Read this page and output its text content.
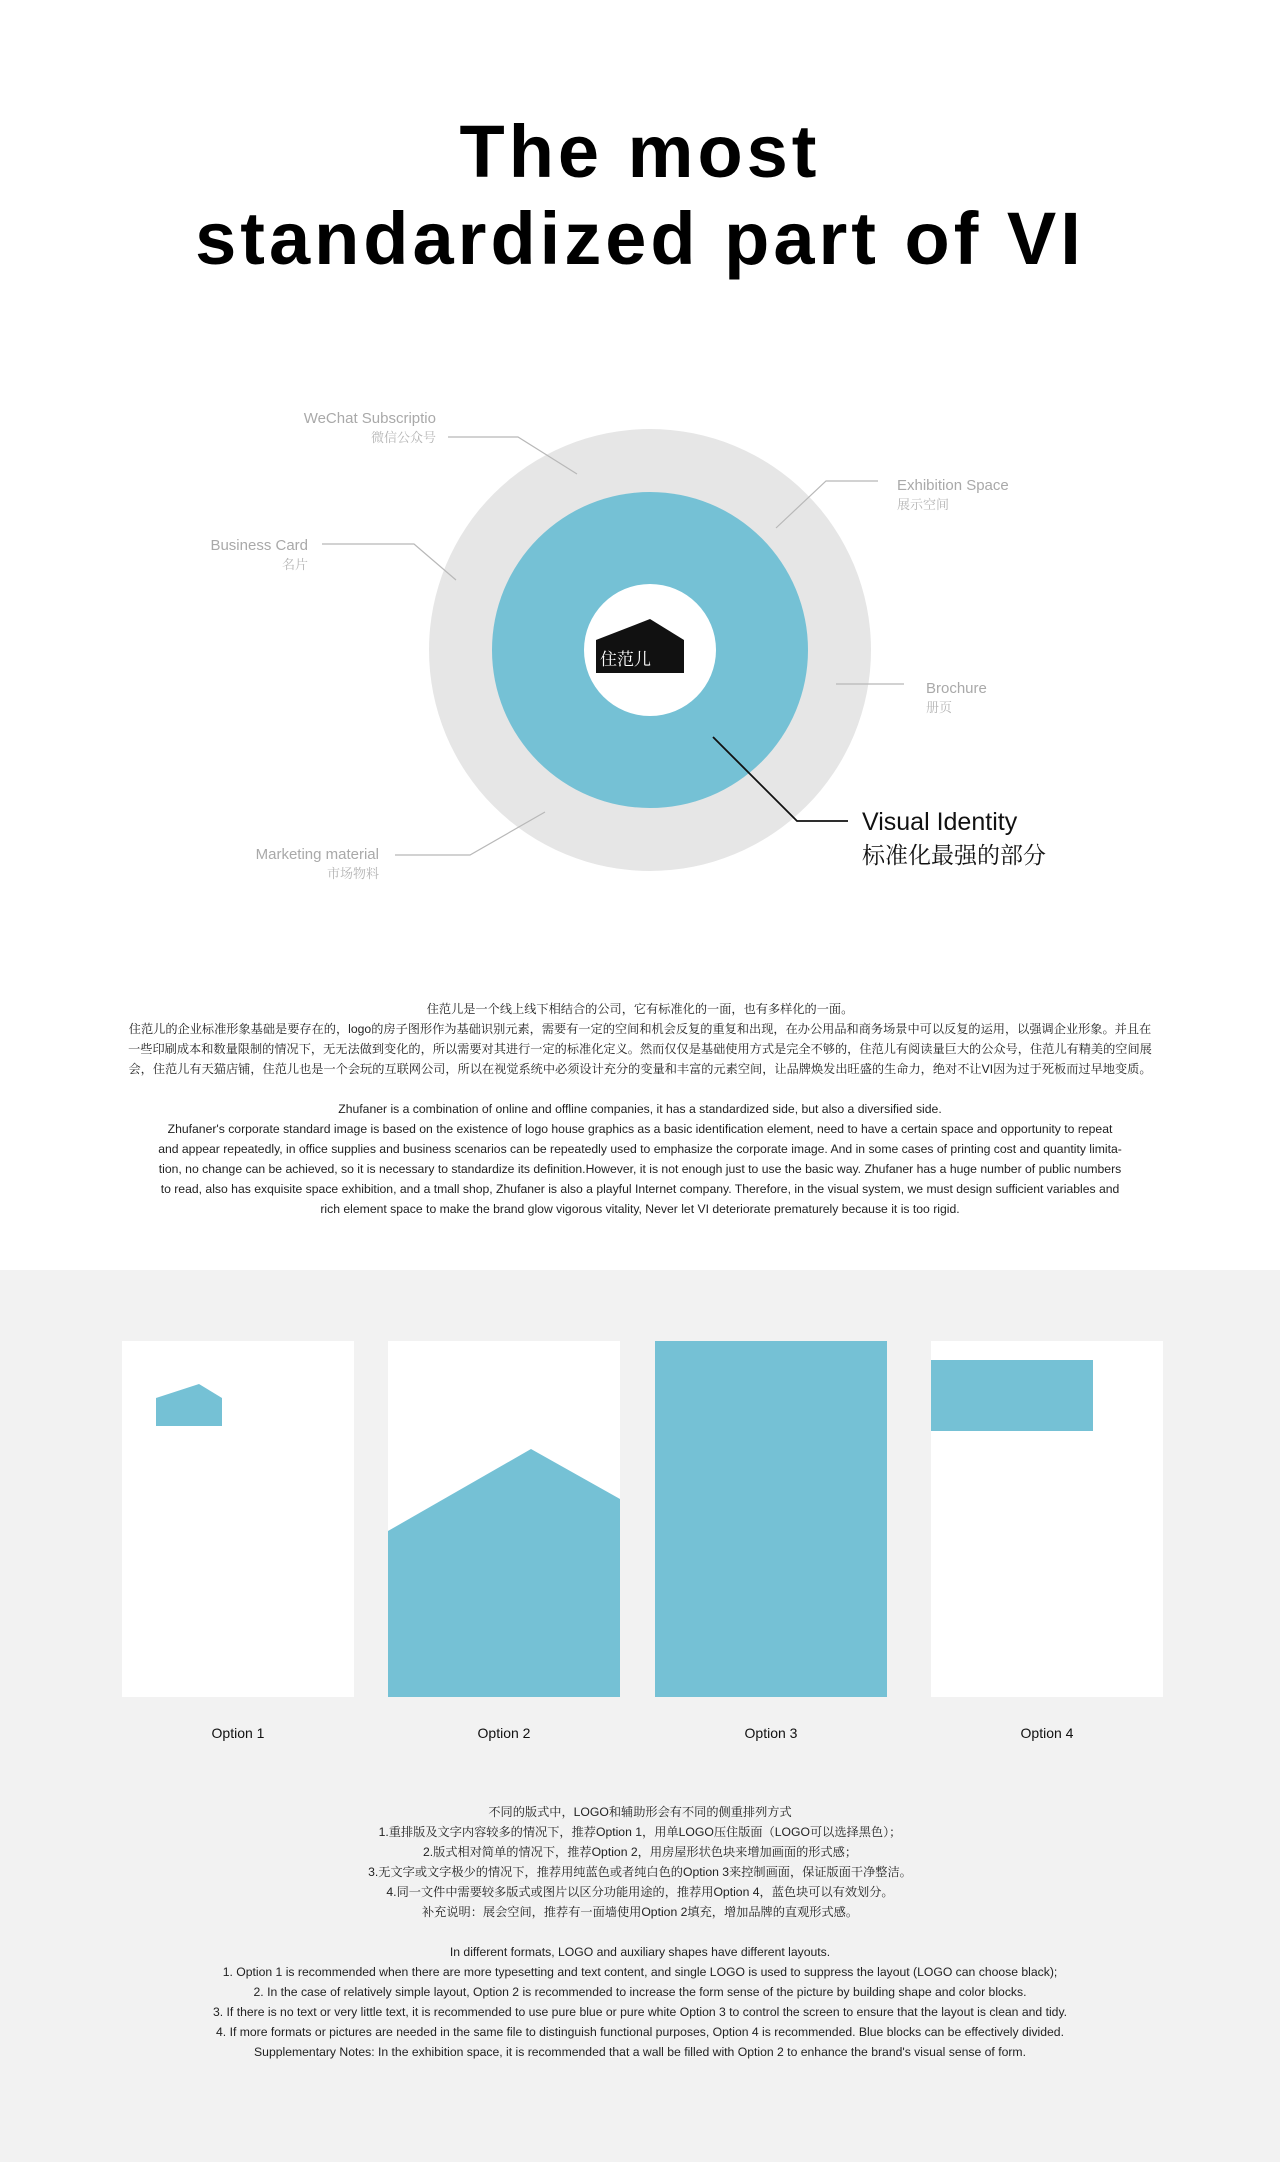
The most
standardized part of VI
住范儿
WeChat Subscriptio
微信公众号
Business Card
名片
Marketing material
市场物料
Exhibition Space
展示空间
Brochure
册页
Visual Identity
标准化最强的部分

住范儿是一个线上线下相结合的公司，它有标准化的一面，也有多样化的一面。

住范儿的企业标准形象基础是要存在的，logo的房子图形作为基础识别元素，需要有一定的空间和机会反复的重复和出现，在办公用品和商务场景中可以反复的运用，以强调企业形象。并且在

一些印刷成本和数量限制的情况下，无无法做到变化的，所以需要对其进行一定的标准化定义。然而仅仅是基础使用方式是完全不够的，住范儿有阅读量巨大的公众号，住范儿有精美的空间展

会，住范儿有天猫店铺，住范儿也是一个会玩的互联网公司，所以在视觉系统中必须设计充分的变量和丰富的元素空间，让品牌焕发出旺盛的生命力，绝对不让VI因为过于死板而过早地变质。

Zhufaner is a combination of online and offline companies, it has a standardized side, but also a diversified side.

Zhufaner's corporate standard image is based on the existence of logo house graphics as a basic identification element, need to have a certain space and opportunity to repeat

and appear repeatedly, in office supplies and business scenarios can be repeatedly used to emphasize the corporate image. And in some cases of printing cost and quantity limita-

tion, no change can be achieved, so it is necessary to standardize its definition.However, it is not enough just to use the basic way. Zhufaner has a huge number of public numbers

to read, also has exquisite space exhibition, and a tmall shop, Zhufaner is also a playful Internet company. Therefore, in the visual system, we must design sufficient variables and

rich element space to make the brand glow vigorous vitality, Never let VI deteriorate prematurely because it is too rigid.

Option 1	Option 2	Option 3	Option 4

不同的版式中，LOGO和辅助形会有不同的侧重排列方式

1.重排版及文字内容较多的情况下，推荐Option 1，用单LOGO压住版面（LOGO可以选择黑色）；

2.版式相对简单的情况下，推荐Option 2，用房屋形状色块来增加画面的形式感；

3.无文字或文字极少的情况下，推荐用纯蓝色或者纯白色的Option 3来控制画面，保证版面干净整洁。

4.同一文件中需要较多版式或图片以区分功能用途的，推荐用Option 4，蓝色块可以有效划分。

补充说明：展会空间，推荐有一面墙使用Option 2填充，增加品牌的直观形式感。

In different formats, LOGO and auxiliary shapes have different layouts.

1. Option 1 is recommended when there are more typesetting and text content, and single LOGO is used to suppress the layout (LOGO can choose black);

2. In the case of relatively simple layout, Option 2 is recommended to increase the form sense of the picture by building shape and color blocks.

3. If there is no text or very little text, it is recommended to use pure blue or pure white Option 3 to control the screen to ensure that the layout is clean and tidy.

4. If more formats or pictures are needed in the same file to distinguish functional purposes, Option 4 is recommended. Blue blocks can be effectively divided.

Supplementary Notes: In the exhibition space, it is recommended that a wall be filled with Option 2 to enhance the brand's visual sense of form.
